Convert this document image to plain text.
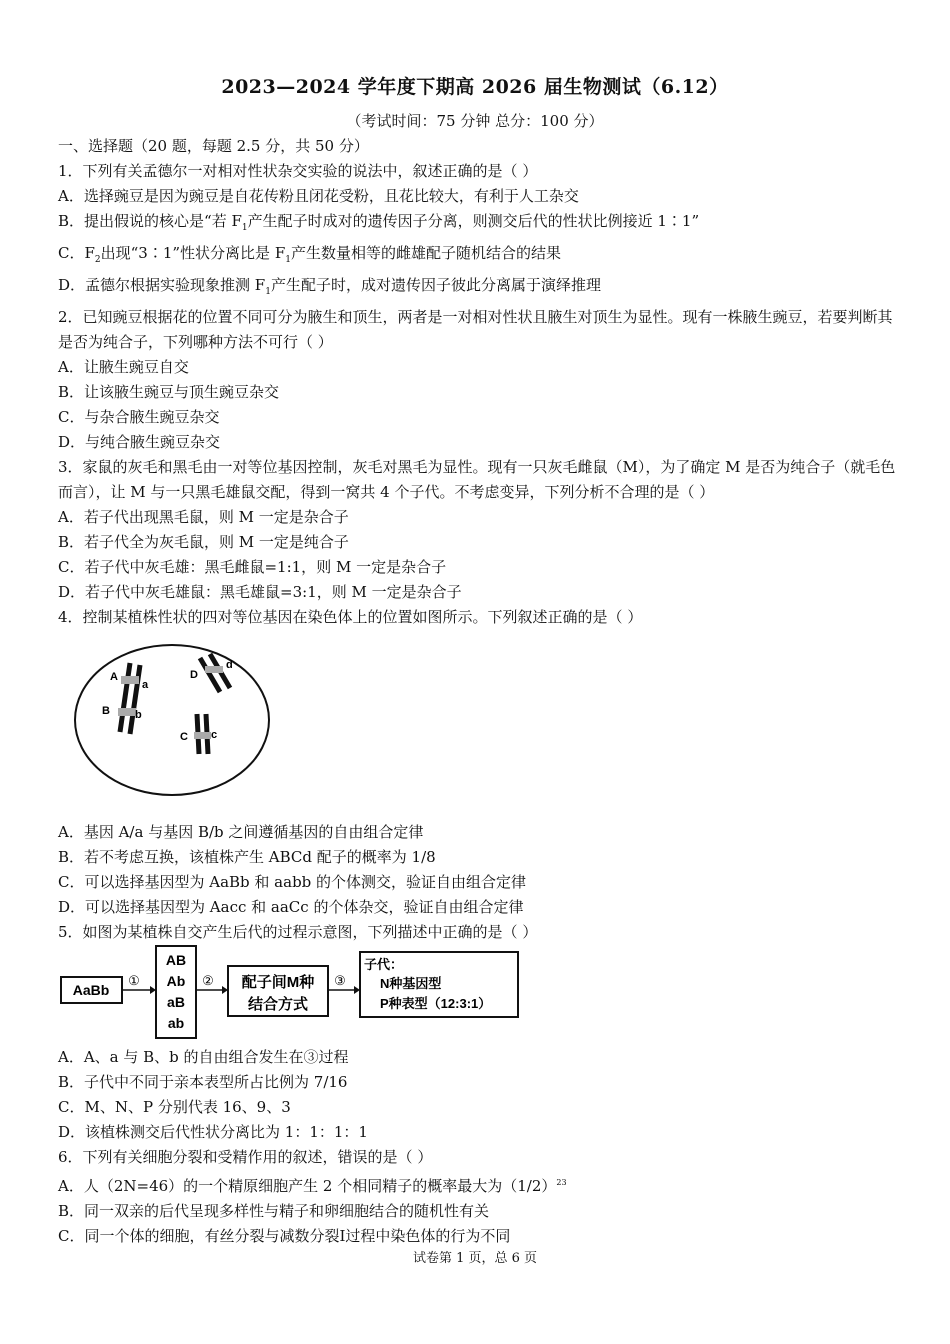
2023—2024 学年度下期高 2026 届生物测试（6.12）
（考试时间：75 分钟 总分：100 分）
一、选择题（20 题，每题 2.5 分，共 50 分）
1．下列有关孟德尔一对相对性状杂交实验的说法中，叙述正确的是（ ）
A．选择豌豆是因为豌豆是自花传粉且闭花受粉，且花比较大，有利于人工杂交
B．提出假说的核心是“若 $F_1$产生配子时成对的遗传因子分离，则测交后代的性状比例接近 1∶1”
C．$F_2$出现“3∶1”性状分离比是 $F_1$产生数量相等的雌雄配子随机结合的结果
D．孟德尔根据实验现象推测 $F_1$产生配子时，成对遗传因子彼此分离属于演绎推理
2．已知豌豆根据花的位置不同可分为腋生和顶生，两者是一对相对性状且腋生对顶生为显性。现有一株腋生豌豆，若要判断其是否为纯合子，下列哪种方法不可行（ ）
A．让腋生豌豆自交
B．让该腋生豌豆与顶生豌豆杂交
C．与杂合腋生豌豆杂交
D．与纯合腋生豌豆杂交
3．家鼠的灰毛和黑毛由一对等位基因控制，灰毛对黑毛为显性。现有一只灰毛雌鼠（M），为了确定 M 是否为纯合子（就毛色而言），让 M 与一只黑毛雄鼠交配，得到一窝共 4 个子代。不考虑变异，下列分析不合理的是（ ）
A．若子代出现黑毛鼠，则 M 一定是杂合子
B．若子代全为灰毛鼠，则 M 一定是纯合子
C．若子代中灰毛雄：黑毛雌鼠=1:1，则 M 一定是杂合子
D．若子代中灰毛雄鼠：黑毛雄鼠=3:1，则 M 一定是杂合子
4．控制某植株性状的四对等位基因在染色体上的位置如图所示。下列叙述正确的是（ ）
A
a
B b
D
d
C c
A．基因 A/a 与基因 B/b 之间遵循基因的自由组合定律
B．若不考虑互换，该植株产生 ABCd 配子的概率为 1/8
C．可以选择基因型为 AaBb 和 aabb 的个体测交，验证自由组合定律
D．可以选择基因型为 Aacc 和 aaCc 的个体杂交，验证自由组合定律
5．如图为某植株自交产生后代的过程示意图，下列描述中正确的是（ ）
AaBb
①
AB
Ab
aB
ab
② 配子间M种
结合方式
③
子代：
N种基因型
P种表型（12:3:1）
A．A、a 与 B、b 的自由组合发生在③过程
B．子代中不同于亲本表型所占比例为 7/16
C．M、N、P 分别代表 16、9、3
D．该植株测交后代性状分离比为 1：1：1：1
6．下列有关细胞分裂和受精作用的叙述，错误的是（ ）
A．人（2N=46）的一个精原细胞产生 2 个相同精子的概率最大为$(1/2)^{23}$
B．同一双亲的后代呈现多样性与精子和卵细胞结合的随机性有关
C．同一个体的细胞，有丝分裂与减数分裂Ⅰ过程中染色体的行为不同
试卷第 1 页，总 6 页
